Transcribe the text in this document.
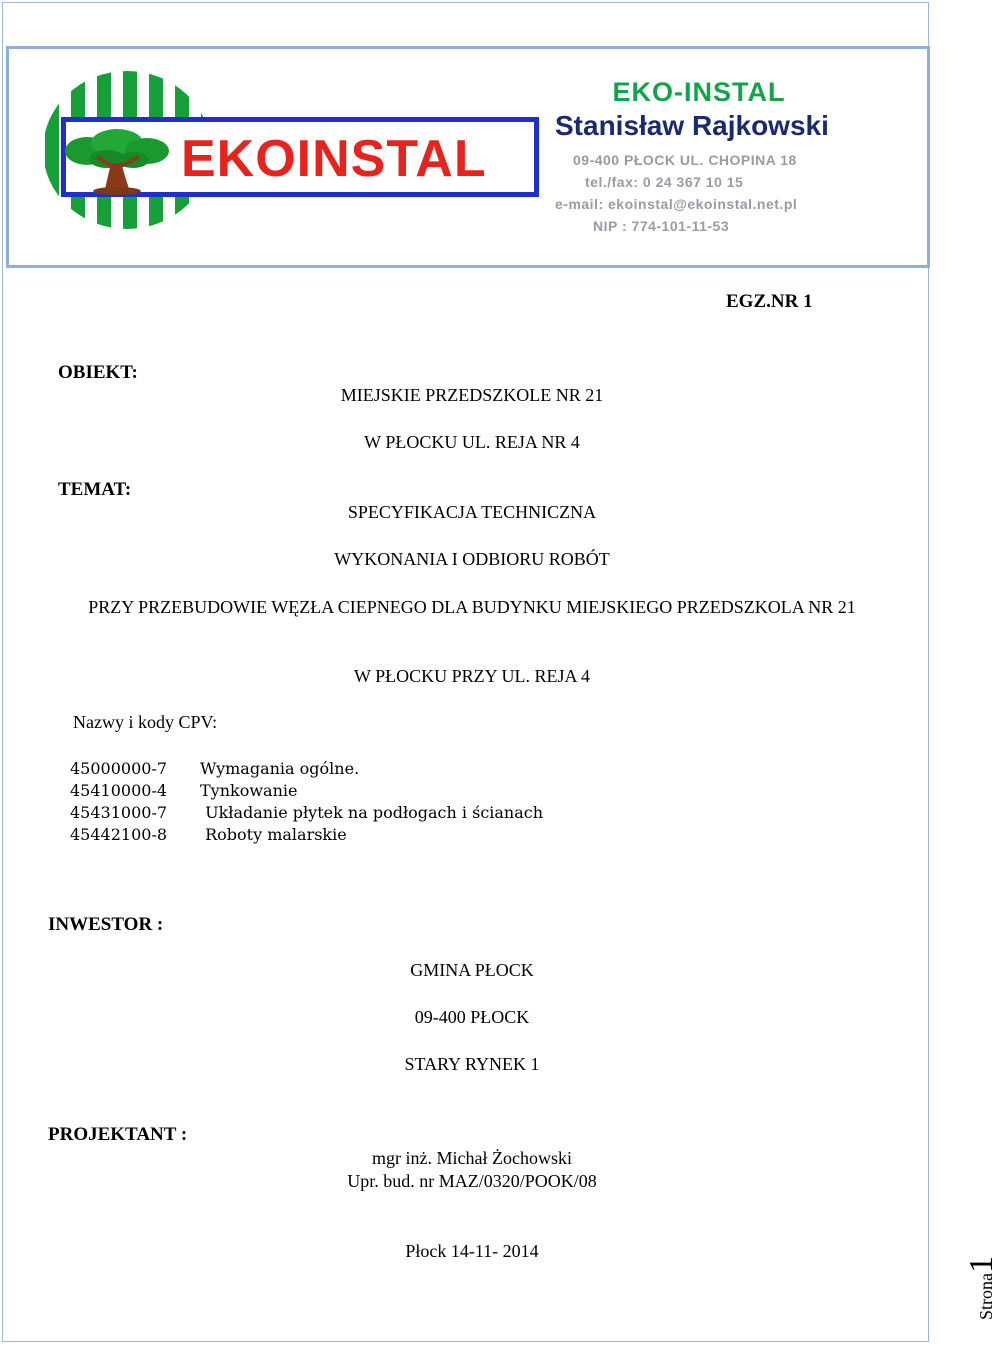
EKOINSTAL
EKO-INSTAL
Stanisław Rajkowski
09-400 PŁOCK UL. CHOPINA 18
tel./fax: 0 24 367 10 15
e-mail: ekoinstal@ekoinstal.net.pl
NIP : 774-101-11-53
EGZ.NR 1
OBIEKT:
MIEJSKIE PRZEDSZKOLE NR 21
W PŁOCKU UL. REJA NR 4
TEMAT:
SPECYFIKACJA TECHNICZNA
WYKONANIA I ODBIORU ROBÓT
PRZY PRZEBUDOWIE WĘZŁA CIEPNEGO DLA BUDYNKU MIEJSKIEGO PRZEDSZKOLA NR 21
W PŁOCKU PRZY UL. REJA 4
Nazwy i kody CPV:
45000000-7	Wymagania ogólne.
45410000-4	Tynkowanie
45431000-7	Układanie płytek na podłogach i ścianach
45442100-8	Roboty malarskie
INWESTOR :
GMINA PŁOCK
09-400 PŁOCK
STARY RYNEK 1
PROJEKTANT :
mgr inż. Michał Żochowski
Upr. bud. nr MAZ/0320/POOK/08
Płock 14-11- 2014
Strona1
